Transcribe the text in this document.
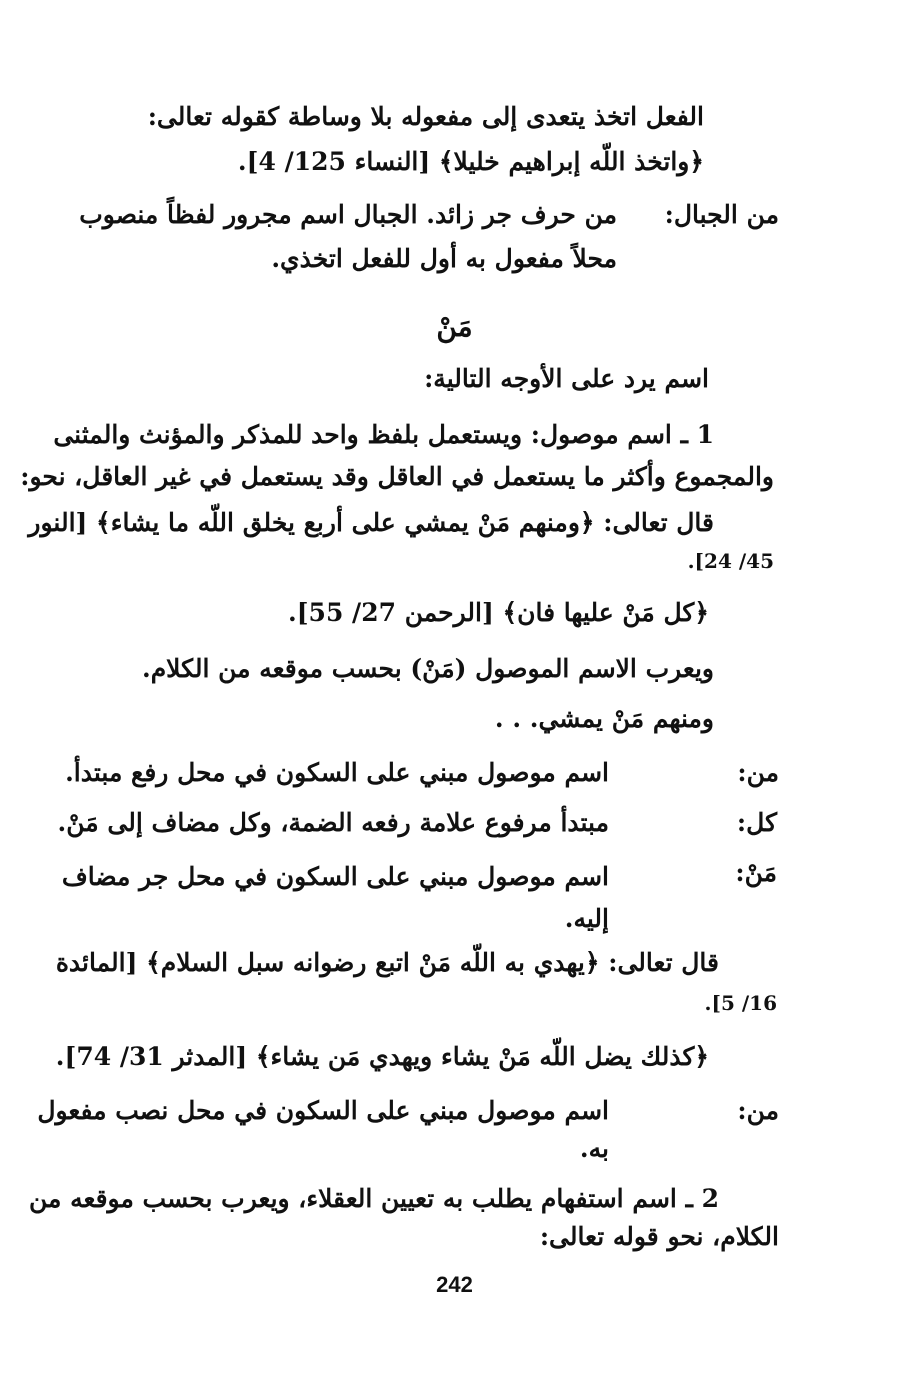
الفعل اتخذ يتعدى إلى مفعوله بلا وساطة كقوله تعالى:
﴿واتخذ اللّه إبراهيم خليلا﴾ [النساء 125/ 4].
من الجبال:
من حرف جر زائد. الجبال اسم مجرور لفظاً منصوب
محلاً مفعول به أول للفعل اتخذي.
مَنْ
اسم يرد على الأوجه التالية:
1 ـ اسم موصول: ويستعمل بلفظ واحد للمذكر والمؤنث والمثنى
والمجموع وأكثر ما يستعمل في العاقل وقد يستعمل في غير العاقل، نحو:
قال تعالى: ﴿ومنهم مَنْ يمشي على أربع يخلق اللّه ما يشاء﴾ [النور
45/ 24].
﴿كل مَنْ عليها فان﴾ [الرحمن 27/ 55].
ويعرب الاسم الموصول (مَنْ) بحسب موقعه من الكلام.
ومنهم مَنْ يمشي. . .
من:
اسم موصول مبني على السكون في محل رفع مبتدأ.
كل:
مبتدأ مرفوع علامة رفعه الضمة، وكل مضاف إلى مَنْ.
مَنْ:
اسم موصول مبني على السكون في محل جر مضاف
إليه.
قال تعالى: ﴿يهدي به اللّه مَنْ اتبع رضوانه سبل السلام﴾ [المائدة
16/ 5].
﴿كذلك يضل اللّه مَنْ يشاء ويهدي مَن يشاء﴾ [المدثر 31/ 74].
من:
اسم موصول مبني على السكون في محل نصب مفعول
به.
2 ـ اسم استفهام يطلب به تعيين العقلاء، ويعرب بحسب موقعه من
الكلام، نحو قوله تعالى:
242
